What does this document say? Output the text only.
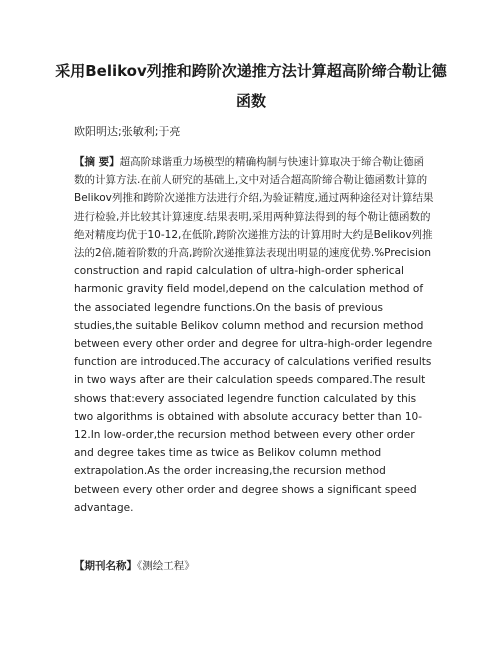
采用Belikov列推和跨阶次递推方法计算超高阶缔合勒让德
函数
欧阳明达;张敏利;于亮

【摘 要】超高阶球谐重力场模型的精确构制与快速计算取决于缔合勒让德函数的计算方法.在前人研究的基础上,文中对适合超高阶缔合勒让德函数计算的Belikov列推和跨阶次递推方法进行介绍,为验证精度,通过两种途径对计算结果进行检验,并比较其计算速度.结果表明,采用两种算法得到的每个勒让德函数的绝对精度均优于10-12,在低阶,跨阶次递推方法的计算用时大约是Belikov列推法的2倍,随着阶数的升高,跨阶次递推算法表现出明显的速度优势.%Precision construction and rapid calculation of ultra-high-order spherical harmonic gravity field model,depend on the calculation method of the associated legendre functions.On the basis of previous studies,the suitable Belikov column method and recursion method between every other order and degree for ultra-high-order legendre function are introduced.The accuracy of calculations verified results in two ways after are their calculation speeds compared.The result shows that:every associated legendre function calculated by this two algorithms is obtained with absolute accuracy better than 10-12.In low-order,the recursion method between every other order and degree takes time as twice as Belikov column method extrapolation.As the order increasing,the recursion method between every other order and degree shows a significant speed advantage.

【期刊名称】《测绘工程》
